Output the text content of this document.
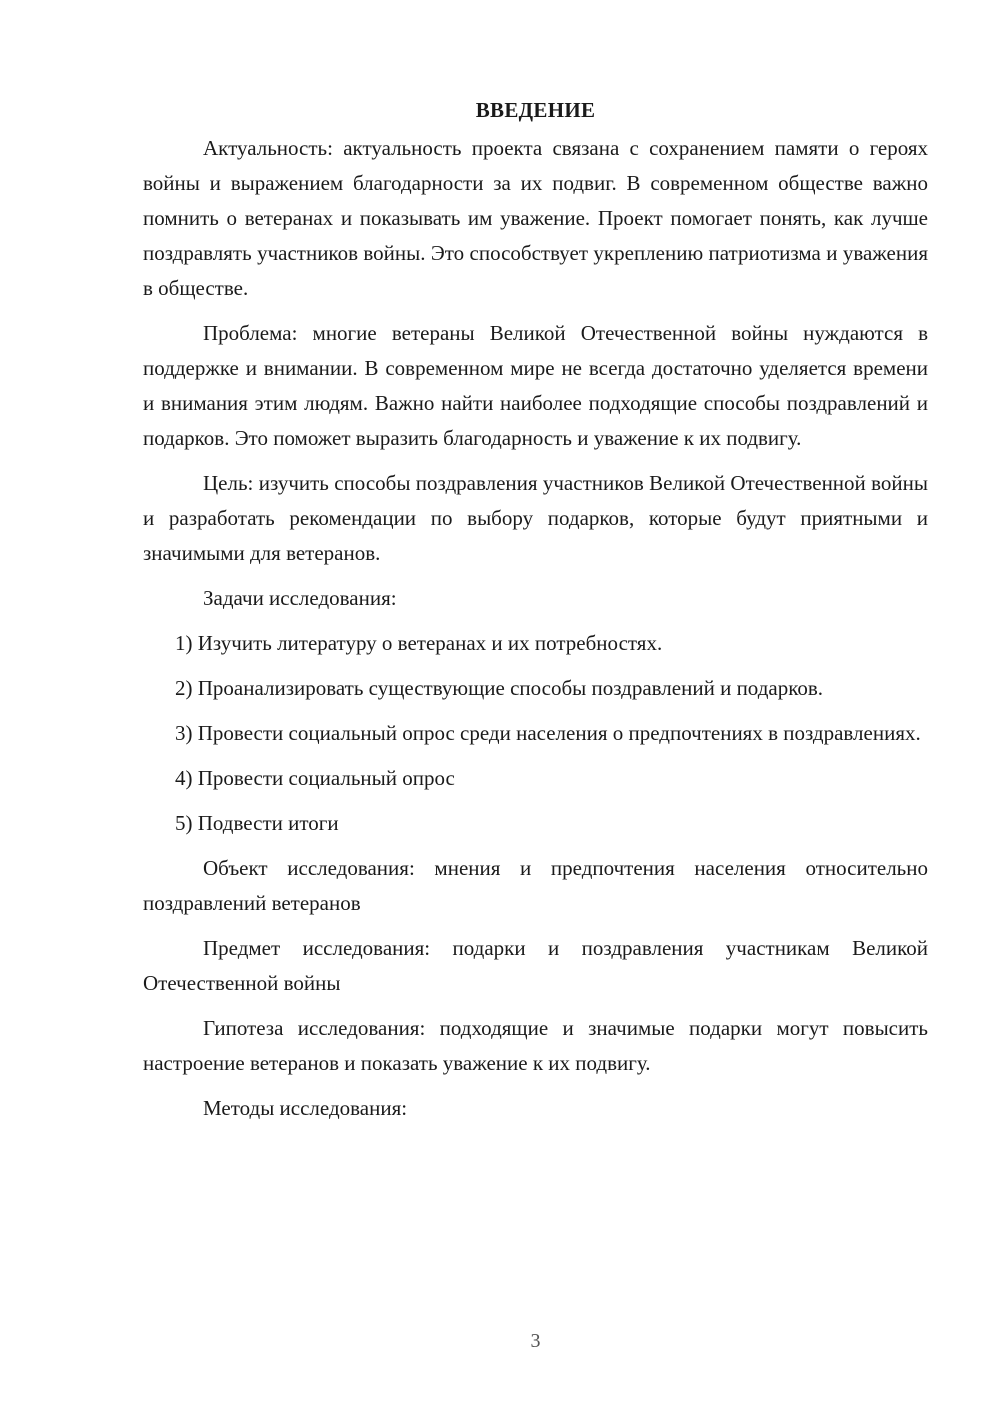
ВВЕДЕНИЕ

Актуальность: актуальность проекта связана с сохранением памяти о героях войны и выражением благодарности за их подвиг. В современном обществе важно помнить о ветеранах и показывать им уважение. Проект помогает понять, как лучше поздравлять участников войны. Это способствует укреплению патриотизма и уважения в обществе.

Проблема: многие ветераны Великой Отечественной войны нуждаются в поддержке и внимании. В современном мире не всегда достаточно уделяется времени и внимания этим людям. Важно найти наиболее подходящие способы поздравлений и подарков. Это поможет выразить благодарность и уважение к их подвигу.

Цель: изучить способы поздравления участников Великой Отечественной войны и разработать рекомендации по выбору подарков, которые будут приятными и значимыми для ветеранов.

Задачи исследования:

1) Изучить литературу о ветеранах и их потребностях.

2) Проанализировать существующие способы поздравлений и подарков.

3) Провести социальный опрос среди населения о предпочтениях в поздравлениях.

4) Провести социальный опрос

5) Подвести итоги

Объект исследования: мнения и предпочтения населения относительно поздравлений ветеранов

Предмет исследования: подарки и поздравления участникам Великой Отечественной войны

Гипотеза исследования: подходящие и значимые подарки могут повысить настроение ветеранов и показать уважение к их подвигу.

Методы исследования:

3
